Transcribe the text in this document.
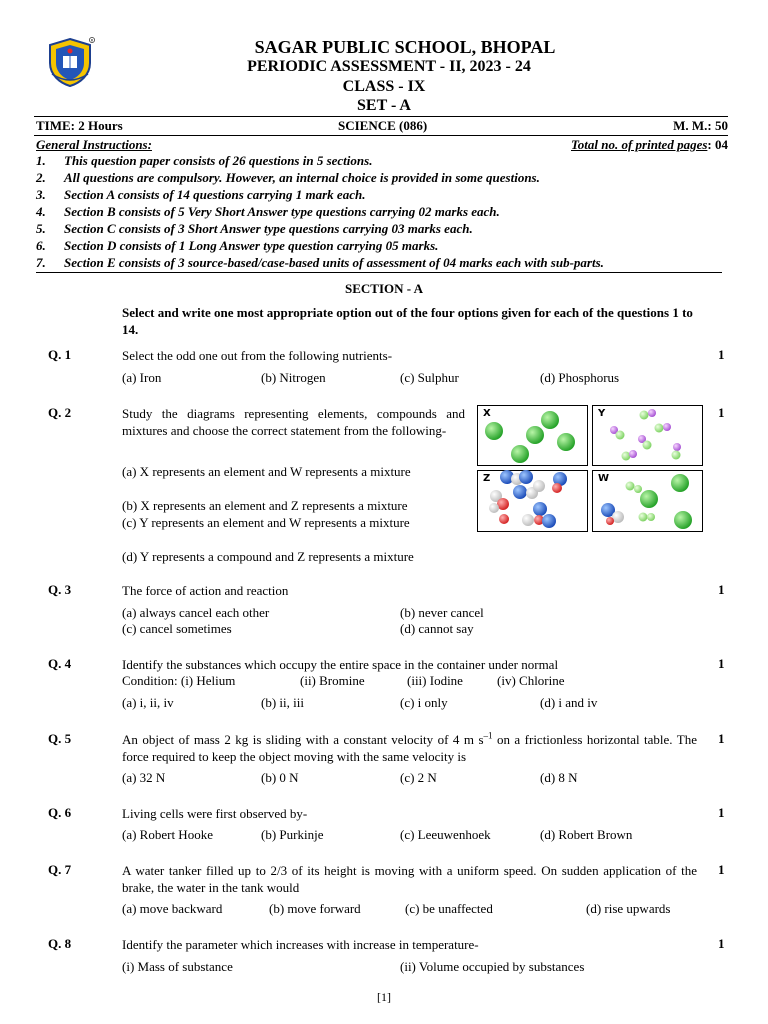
R	SAGAR PUBLIC SCHOOL, BHOPAL
PERIODIC ASSESSMENT - II, 2023 - 24
CLASS - IX
SET - A
TIME: 2 Hours	SCIENCE (086)	M. M.: 50
General Instructions:	Total no. of printed pages: 04
1. This question paper consists of 26 questions in 5 sections.
2. All questions are compulsory. However, an internal choice is provided in some questions.
3. Section A consists of 14 questions carrying 1 mark each.
4. Section B consists of 5 Very Short Answer type questions carrying 02 marks each.
5. Section C consists of 3 Short Answer type questions carrying 03 marks each.
6. Section D consists of 1 Long Answer type question carrying 05 marks.
7. Section E consists of 3 source-based/case-based units of assessment of 04 marks each with sub-parts.
SECTION - A
Select and write one most appropriate option out of the four options given for each of the questions 1 to 14.
Q. 1	Select the odd one out from the following nutrients-	1
(a) Iron	(b) Nitrogen	(c) Sulphur	(d) Phosphorus
Q. 2	Study the diagrams representing elements, compounds and mixtures and choose the correct statement from the following-
1
(a) X represents an element and W represents a mixture
(b) X represents an element and Z represents a mixture
(c) Y represents an element and W represents a mixture
(d) Y represents a compound and Z represents a mixture
X	Y
Z	W
Q. 3	The force of action and reaction	1
(a) always cancel each other	(b) never cancel
(c) cancel sometimes	(d) cannot say
Q. 4	Identify the substances which occupy the entire space in the container under normal	1
Condition: (i) Helium	(ii) Bromine	(iii) Iodine	(iv) Chlorine
(a) i, ii, iv	(b) ii, iii	(c) i only	(d) i and iv
Q. 5	An object of mass 2 kg is sliding with a constant velocity of 4 m $s^{-1}$ on a frictionless horizontal table. The force required to keep the object moving with the same velocity is
1
(a) 32 N	(b) 0 N	(c) 2 N	(d) 8 N
Q. 6	Living cells were first observed by-	1
(a) Robert Hooke	(b) Purkinje	(c) Leeuwenhoek	(d) Robert Brown
Q. 7	A water tanker filled up to 2/3 of its height is moving with a uniform speed. On sudden application of the brake, the water in the tank would
1
(a) move backward	(b) move forward	(c) be unaffected	(d) rise upwards
Q. 8	Identify the parameter which increases with increase in temperature-	1
(i) Mass of substance	(ii) Volume occupied by substances
[1]
